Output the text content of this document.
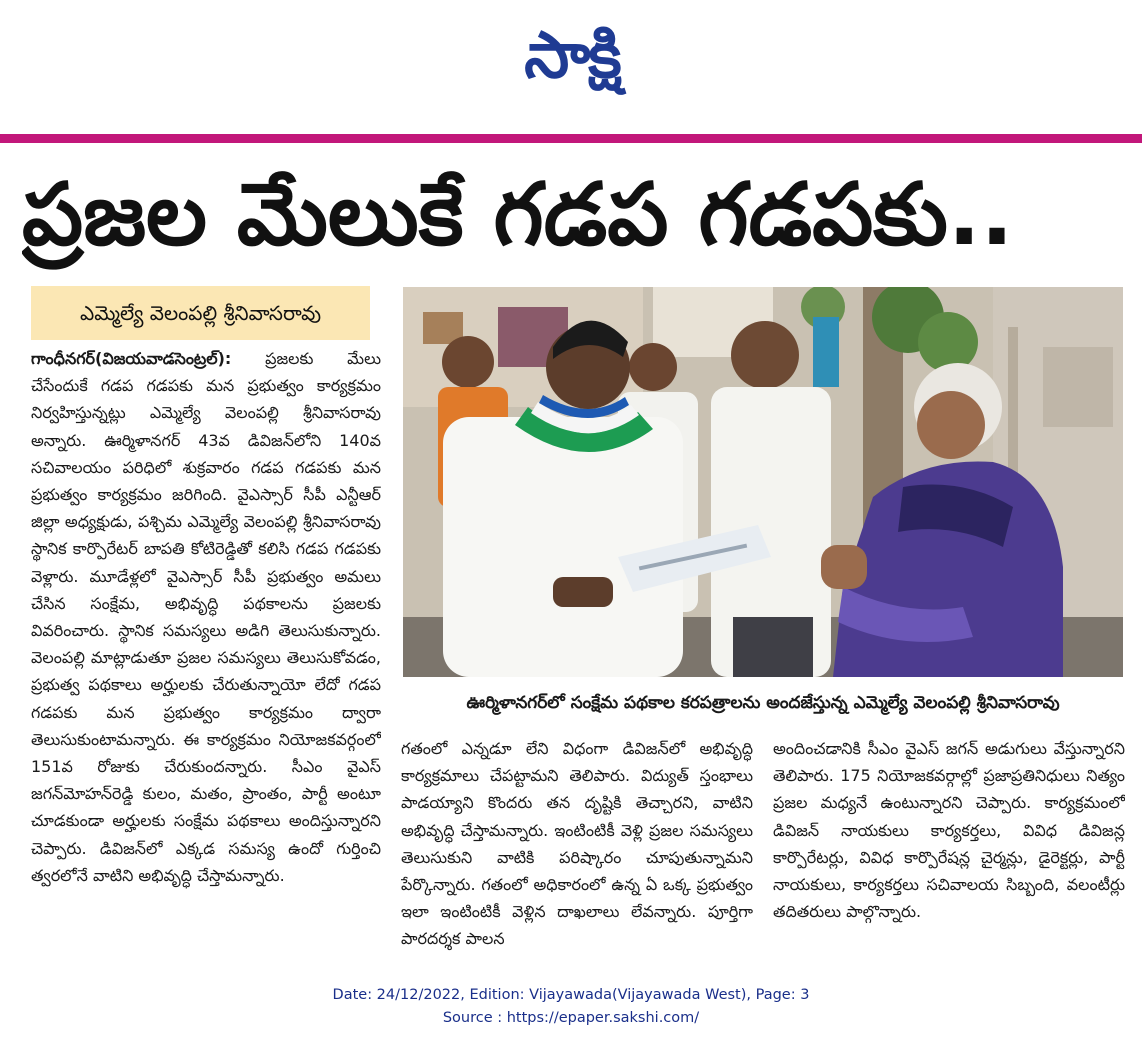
సాక్షి
ప్రజల మేలుకే గడప గడపకు..
ఎమ్మెల్యే వెలంపల్లి శ్రీనివాసరావు
ఊర్మిళానగర్‌లో సంక్షేమ పథకాల కరపత్రాలను అందజేస్తున్న ఎమ్మెల్యే వెలంపల్లి శ్రీనివాసరావు
గాంధీనగర్‌(విజయవాడసెంట్రల్‌): ప్రజలకు మేలు చేసేందుకే గడప గడపకు మన ప్రభుత్వం కార్యక్రమం నిర్వహిస్తున్నట్లు ఎమ్మెల్యే వెలంపల్లి శ్రీనివాసరావు అన్నారు. ఊర్మిళానగర్‌ 43వ డివిజన్‌లోని 140వ సచివాలయం పరిధిలో శుక్రవారం గడప గడపకు మన ప్రభుత్వం కార్యక్రమం జరిగింది. వైఎస్సార్‌ సీపీ ఎన్టీఆర్‌ జిల్లా అధ్యక్షుడు, పశ్చిమ ఎమ్మెల్యే వెలంపల్లి శ్రీనివాసరావు స్థానిక కార్పొరేటర్‌ బాపతి కోటిరెడ్డితో కలిసి గడప గడపకు వెళ్లారు. మూడేళ్లలో వైఎస్సార్‌ సీపీ ప్రభుత్వం అమలు చేసిన సంక్షేమ, అభివృద్ధి పథకాలను ప్రజలకు వివరించారు. స్థానిక సమస్యలు అడిగి తెలుసుకున్నారు. వెలంపల్లి మాట్లాడుతూ ప్రజల సమస్యలు తెలుసుకోవడం, ప్రభుత్వ పథకాలు అర్హులకు చేరుతున్నాయో లేదో గడప గడపకు మన ప్రభుత్వం కార్యక్రమం ద్వారా తెలుసుకుంటామన్నారు. ఈ కార్యక్రమం నియోజకవర్గంలో 151వ రోజుకు చేరుకుందన్నారు. సీఎం వైఎస్‌ జగన్‌మోహన్‌రెడ్డి కులం, మతం, ప్రాంతం, పార్టీ అంటూ చూడకుండా అర్హులకు సంక్షేమ పథకాలు అందిస్తున్నారని చెప్పారు. డివిజన్‌లో ఎక్కడ సమస్య ఉందో గుర్తించి త్వరలోనే వాటిని అభివృద్ధి చేస్తామన్నారు.
గతంలో ఎన్నడూ లేని విధంగా డివిజన్‌లో అభివృద్ధి కార్యక్రమాలు చేపట్టామని తెలిపారు. విద్యుత్‌ స్తంభాలు పాడయ్యాని కొందరు తన దృష్టికి తెచ్చారని, వాటిని అభివృద్ధి చేస్తామన్నారు. ఇంటింటికీ వెళ్లి ప్రజల సమస్యలు తెలుసుకుని వాటికి పరిష్కారం చూపుతున్నామని పేర్కొన్నారు. గతంలో అధికారంలో ఉన్న ఏ ఒక్క ప్రభుత్వం ఇలా ఇంటింటికీ వెళ్లిన దాఖలాలు లేవన్నారు. పూర్తిగా పారదర్శక పాలన
అందించడానికి సీఎం వైఎస్‌ జగన్‌ అడుగులు వేస్తున్నారని తెలిపారు. 175 నియోజకవర్గాల్లో ప్రజాప్రతినిధులు నిత్యం ప్రజల మధ్యనే ఉంటున్నారని చెప్పారు. కార్యక్రమంలో డివిజన్‌ నాయకులు కార్యకర్తలు, వివిధ డివిజన్ల కార్పొరేటర్లు, వివిధ కార్పొరేషన్ల చైర్మన్లు, డైరెక్టర్లు, పార్టీ నాయకులు, కార్యకర్తలు సచివాలయ సిబ్బంది, వలంటీర్లు తదితరులు పాల్గొన్నారు.
Date: 24/12/2022, Edition: Vijayawada(Vijayawada West), Page: 3
Source : https://epaper.sakshi.com/
